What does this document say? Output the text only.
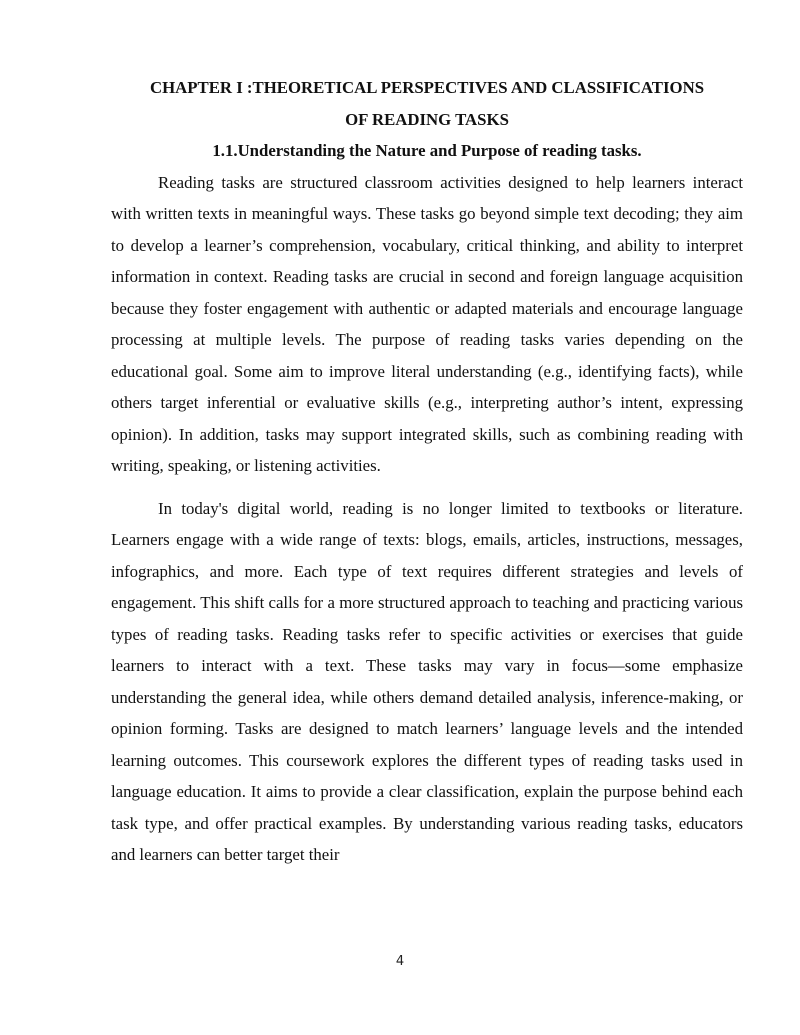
CHAPTER I :THEORETICAL PERSPECTIVES AND CLASSIFICATIONS
OF READING TASKS

1.1.Understanding the Nature and Purpose of reading tasks.

Reading tasks are structured classroom activities designed to help learners interact with written texts in meaningful ways. These tasks go beyond simple text decoding; they aim to develop a learner’s comprehension, vocabulary, critical thinking, and ability to interpret information in context. Reading tasks are crucial in second and foreign language acquisition because they foster engagement with authentic or adapted materials and encourage language processing at multiple levels. The purpose of reading tasks varies depending on the educational goal. Some aim to improve literal understanding (e.g., identifying facts), while others target inferential or evaluative skills (e.g., interpreting author’s intent, expressing opinion). In addition, tasks may support integrated skills, such as combining reading with writing, speaking, or listening activities.

In today's digital world, reading is no longer limited to textbooks or literature. Learners engage with a wide range of texts: blogs, emails, articles, instructions, messages, infographics, and more. Each type of text requires different strategies and levels of engagement. This shift calls for a more structured approach to teaching and practicing various types of reading tasks. Reading tasks refer to specific activities or exercises that guide learners to interact with a text. These tasks may vary in focus—some emphasize understanding the general idea, while others demand detailed analysis, inference-making, or opinion forming. Tasks are designed to match learners’ language levels and the intended learning outcomes. This coursework explores the different types of reading tasks used in language education. It aims to provide a clear classification, explain the purpose behind each task type, and offer practical examples. By understanding various reading tasks, educators and learners can better target their

4
